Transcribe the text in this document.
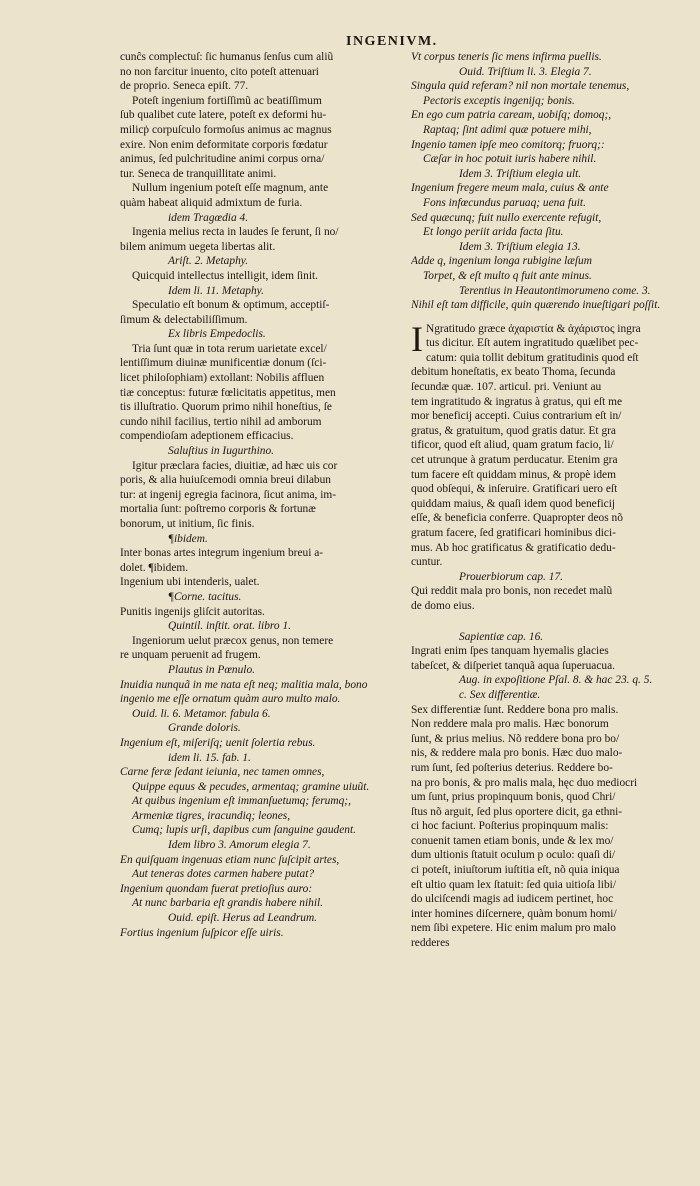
INGENIVM.
cunĉs complectuſ: ſic humanus ſenſus cum aliũ
no non farcitur inuento, cito poteſt attenuari
de proprio. Seneca epiſt. 77.
Poteſt ingenium fortiſſimũ ac beatiſſimum
ſub qualibet cute latere, poteſt ex deformi hu-
milicṗ corpuſculo formoſus animus ac magnus
exire. Non enim deformitate corporis fœdatur
animus, ſed pulchritudine animi corpus orna/
tur. Seneca de tranquillitate animi.
Nullum ingenium poteſt eſſe magnum, ante
quàm habeat aliquid admixtum de furia.
idem Tragœdia 4.
Ingenia melius recta in laudes ſe ferunt, ſi no/
bilem animum uegeta libertas alit.
Ariſt. 2. Metaphy.
Quicquid intellectus intelligit, idem ſinit.
Idem li. 11. Metaphy.
Speculatio eſt bonum & optimum, acceptiſ-
ſimum & delectabiliſſimum.
Ex libris Empedoclis.
Tria ſunt quæ in tota rerum uarietate excel/
lentiſſimum diuinæ munificentiæ donum (ſci-
licet philoſophiam) extollant: Nobilis affluen
tiæ conceptus: futuræ fœlicitatis appetitus, men
tis illuſtratio. Quorum primo nihil honeſtius, ſe
cundo nihil facilius, tertio nihil ad amborum
compendioſam adeptionem efficacius.
Saluſtius in Iugurthino.
Igitur præclara facies, diuitiæ, ad hæc uis cor
poris, & alia huiuſcemodi omnia breui dilabun
tur: at ingenij egregia facinora, ſicut anima, im-
mortalia ſunt: poſtremo corporis & fortunæ
bonorum, ut initium, ſic finis.
¶ibidem.
Inter bonas artes integrum ingenium breui a-
dolet. ¶ibidem.
Ingenium ubi intenderis, ualet.
¶Corne. tacitus.
Punitis ingenijs gliſcit autoritas.
Quintil. inſtit. orat. libro 1.
Ingeniorum uelut præcox genus, non temere
re unquam peruenit ad frugem.
Plautus in Pœnulo.
Inuidia nunquã in me nata eſt neq; malitia mala, bono
ingenio me eſſe ornatum quàm auro multo malo.
Ouid. li. 6. Metamor. fabula 6.
Grande doloris.
Ingenium eſt, miſeriſq; uenit ſolertia rebus.
idem li. 15. fab. 1.
Carne feræ ſedant ieiunia, nec tamen omnes,
Quippe equus & pecudes, armentaq; gramine uiuũt.
At quibus ingenium eſt immanſuetumq; ferumq;,
Armeniæ tigres, iracundiq; leones,
Cumq; lupis urſi, dapibus cum ſanguine gaudent.
Idem libro 3. Amorum elegia 7.
En quiſquam ingenuas etiam nunc ſuſcipit artes,
Aut teneras dotes carmen habere putat?
Ingenium quondam fuerat pretioſius auro:
At nunc barbaria eſt grandis habere nihil.
Ouid. epiſt. Herus ad Leandrum.
Fortius ingenium ſuſpicor eſſe uiris.
Vt corpus teneris ſic mens infirma puellis.
Ouid. Triſtium li. 3. Elegia 7.
Singula quid referam? nil non mortale tenemus,
Pectoris exceptis ingenijq; bonis.
En ego cum patria caream, uobiſq; domoq;,
Raptaq; ſint adimi quæ potuere mihi,
Ingenio tamen ipſe meo comitorq; fruorq;:
Cæſar in hoc potuit iuris habere nihil.
Idem 3. Triſtium elegia ult.
Ingenium fregere meum mala, cuius & ante
Fons infœcundus paruaq; uena fuit.
Sed quæcunq; fuit nullo exercente refugit,
Et longo periit arida facta ſitu.
Idem 3. Triſtium elegia 13.
Adde q, ingenium longa rubigine læſum
Torpet, & eſt multo q fuit ante minus.
Terentius in Heautontimorumeno come. 3.
Nihil eſt tam difficile, quin quærendo inueſtigari poſſit.
I Ngratitudo græce ἀχαριστία & ἀχάριστος ingra
tus dicitur. Eſt autem ingratitudo quælibet pec-
catum: quia tollit debitum gratitudinis quod eſt
debitum honeſtatis, ex beato Thoma, ſecunda
ſecundæ quæ. 107. articul. pri. Veniunt au
tem ingratitudo & ingratus à gratus, qui eſt me
mor beneficij accepti. Cuius contrarium eſt in/
gratus, & gratuitum, quod gratis datur. Et gra
tificor, quod eſt aliud, quam gratum facio, li/
cet utrunque à gratum perducatur. Etenim gra
tum facere eſt quiddam minus, & propè idem
quod obſequi, & inſeruire. Gratificari uero eſt
quiddam maius, & quaſi idem quod beneficij
eſſe, & beneficia conferre. Quapropter deos nõ
gratum facere, ſed gratificari hominibus dici-
mus. Ab hoc gratificatus & gratificatio dedu-
cuntur.
Prouerbiorum cap. 17.
Qui reddit mala pro bonis, non recedet malũ
de domo eius.
Sapientiæ cap. 16.
Ingrati enim ſpes tanquam hyemalis glacies
tabeſcet, & diſperiet tanquã aqua ſuperuacua.
Aug. in expoſitione Pſal. 8. & hac 23. q. 5.
c. Sex differentiæ.
Sex differentiæ ſunt. Reddere bona pro malis.
Non reddere mala pro malis. Hæc bonorum
ſunt, & prius melius. Nõ reddere bona pro bo/
nis, & reddere mala pro bonis. Hæc duo malo-
rum ſunt, ſed poſterius deterius. Reddere bo-
na pro bonis, & pro malis mala, hęc duo mediocri
um ſunt, prius propinquum bonis, quod Chri/
ſtus nõ arguit, ſed plus oportere dicit, ga ethni-
ci hoc faciunt. Poſterius propinquum malis:
conuenit tamen etiam bonis, unde & lex mo/
dum ultionis ſtatuit oculum p oculo: quaſi di/
ci poteſt, iniuſtorum iuſtitia eſt, nõ quia iniqua
eſt ultio quam lex ſtatuit: ſed quia uitioſa libi/
do ulciſcendi magis ad iudicem pertinet, hoc
inter homines diſcernere, quàm bonum homi/
nem ſibi expetere. Hic enim malum pro malo
redderes
